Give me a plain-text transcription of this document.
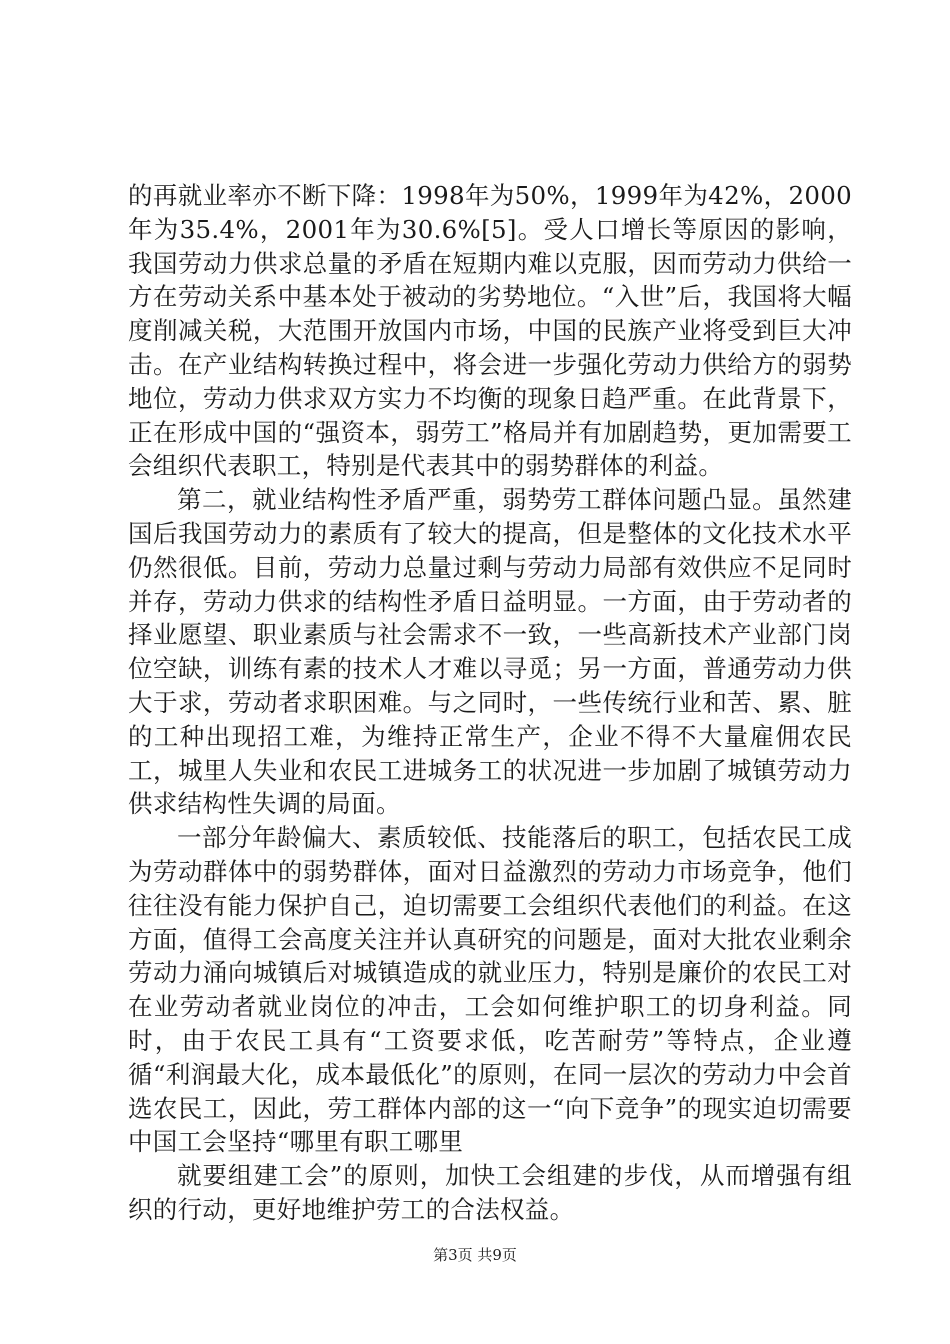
的再就业率亦不断下降：1998年为50%，1999年为42%，2000年为35.4%，2001年为30.6%[5]。受人口增长等原因的影响，我国劳动力供求总量的矛盾在短期内难以克服，因而劳动力供给一方在劳动关系中基本处于被动的劣势地位。“入世”后，我国将大幅度削减关税，大范围开放国内市场，中国的民族产业将受到巨大冲击。在产业结构转换过程中，将会进一步强化劳动力供给方的弱势地位，劳动力供求双方实力不均衡的现象日趋严重。在此背景下，正在形成中国的“强资本，弱劳工”格局并有加剧趋势，更加需要工会组织代表职工，特别是代表其中的弱势群体的利益。

第二，就业结构性矛盾严重，弱势劳工群体问题凸显。虽然建国后我国劳动力的素质有了较大的提高，但是整体的文化技术水平仍然很低。目前，劳动力总量过剩与劳动力局部有效供应不足同时并存，劳动力供求的结构性矛盾日益明显。一方面，由于劳动者的择业愿望、职业素质与社会需求不一致，一些高新技术产业部门岗位空缺，训练有素的技术人才难以寻觅；另一方面，普通劳动力供大于求，劳动者求职困难。与之同时，一些传统行业和苦、累、脏的工种出现招工难，为维持正常生产，企业不得不大量雇佣农民工，城里人失业和农民工进城务工的状况进一步加剧了城镇劳动力供求结构性失调的局面。

一部分年龄偏大、素质较低、技能落后的职工，包括农民工成为劳动群体中的弱势群体，面对日益激烈的劳动力市场竞争，他们往往没有能力保护自己，迫切需要工会组织代表他们的利益。在这方面，值得工会高度关注并认真研究的问题是，面对大批农业剩余劳动力涌向城镇后对城镇造成的就业压力，特别是廉价的农民工对在业劳动者就业岗位的冲击，工会如何维护职工的切身利益。同时，由于农民工具有“工资要求低，吃苦耐劳”等特点，企业遵循“利润最大化，成本最低化”的原则，在同一层次的劳动力中会首选农民工，因此，劳工群体内部的这一“向下竞争”的现实迫切需要中国工会坚持“哪里有职工哪里

就要组建工会”的原则，加快工会组建的步伐，从而增强有组织的行动，更好地维护劳工的合法权益。

第3页 共9页
